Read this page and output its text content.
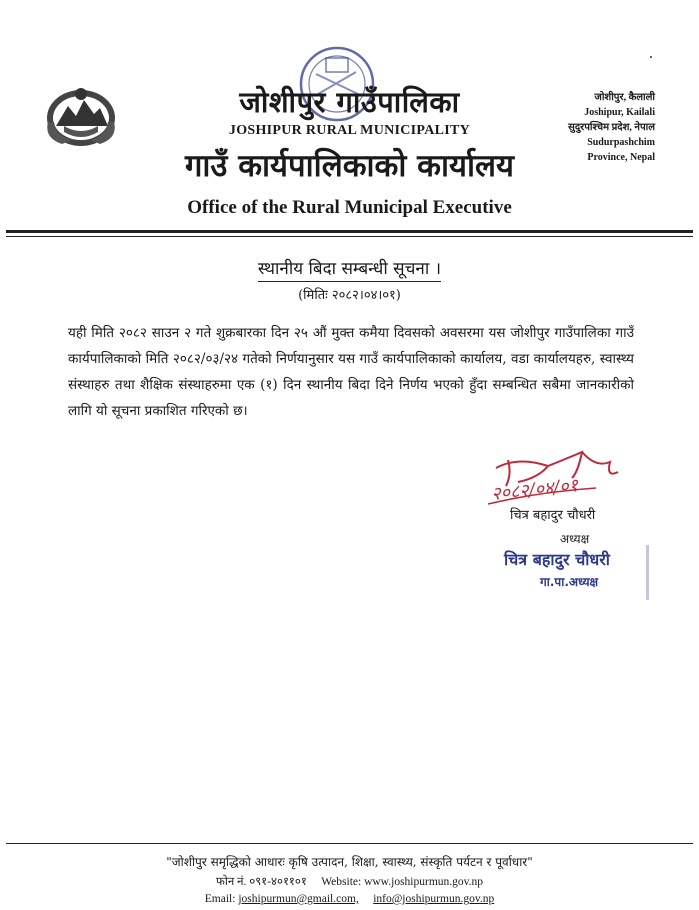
जोशीपुर गाउँपालिका
JOSHIPUR RURAL MUNICIPALITY
गाउँ कार्यपालिकाको कार्यालय
Office of the Rural Municipal Executive
जोशीपुर, कैलाली
Joshipur, Kailali
सुदुरपश्चिम प्रदेश, नेपाल
Sudurpashchim
Province, Nepal
स्थानीय बिदा सम्बन्धी सूचना ।
(मितिः २०८२।०४।०१)
यही मिति २०८२ साउन २ गते शुक्रबारका दिन २५ औं मुक्त कमैया दिवसको अवसरमा यस जोशीपुर गाउँपालिका गाउँ कार्यपालिकाको मिति २०८२/०३/२४ गतेको निर्णयानुसार यस गाउँ कार्यपालिकाको कार्यालय, वडा कार्यालयहरु, स्वास्थ्य संस्थाहरु तथा शैक्षिक संस्थाहरुमा एक (१) दिन स्थानीय बिदा दिने निर्णय भएको हुँदा सम्बन्धित सबैमा जानकारीको लागि यो सूचना प्रकाशित गरिएको छ।
२०८२/०४/०१
चित्र बहादुर चौधरी
अध्यक्ष
चित्र बहादुर चौधरी
गा.पा.अध्यक्ष
"जोशीपुर समृद्धिको आधारः कृषि उत्पादन, शिक्षा, स्वास्थ्य, संस्कृति पर्यटन र पूर्वाधार"
फोन नं. ०९१-४०११०१ Website: www.joshipurmun.gov.np
Email: joshipurmun@gmail.com, info@joshipurmun.gov.np
